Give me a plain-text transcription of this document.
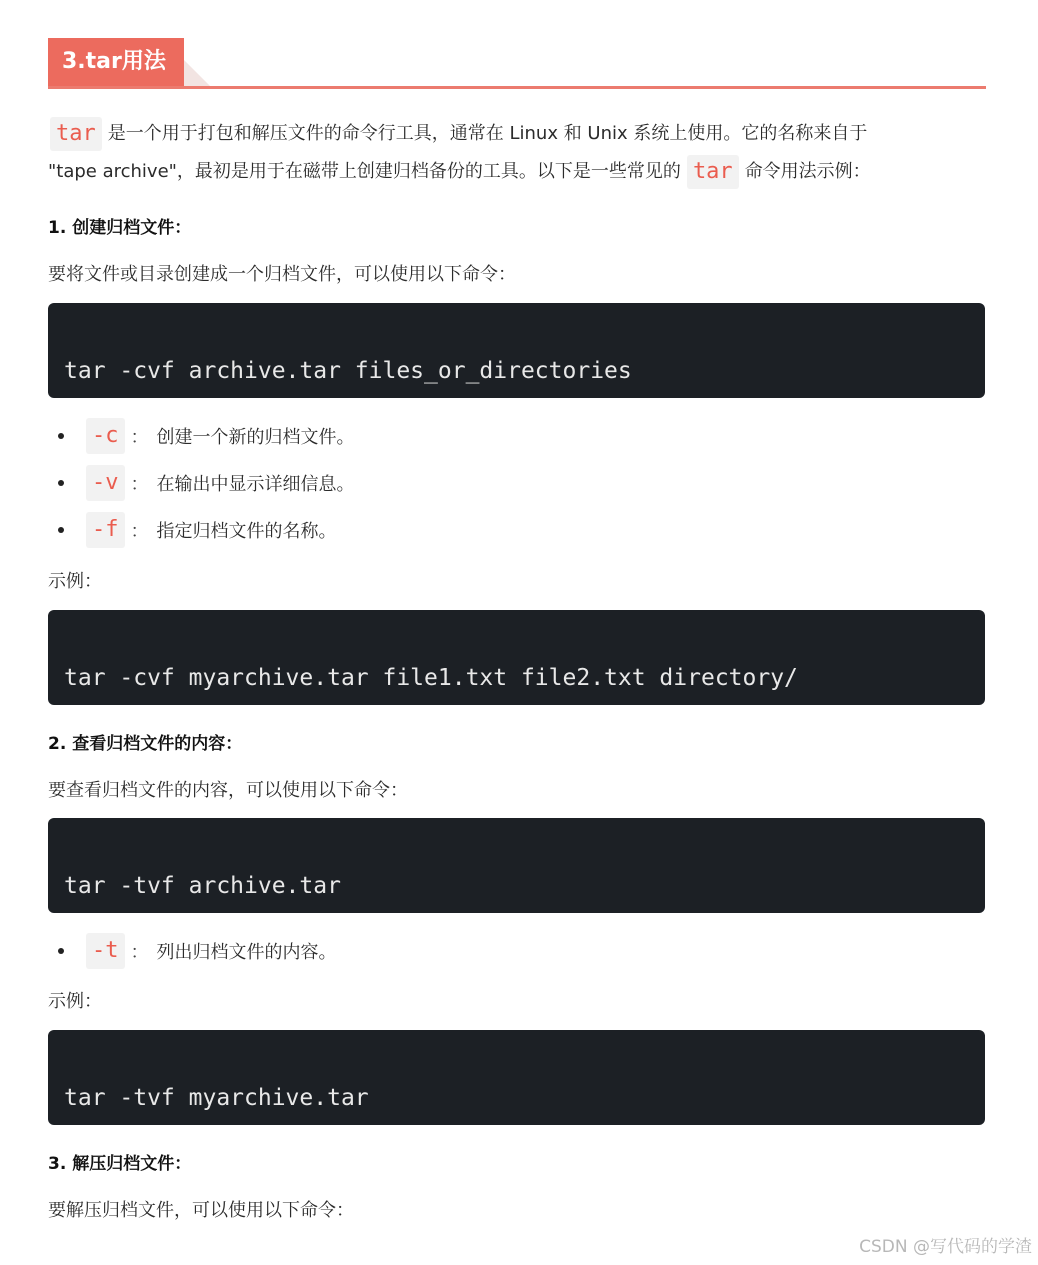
3.tar用法
tar 是一个用于打包和解压文件的命令行工具，通常在 Linux 和 Unix 系统上使用。它的名称来自于
"tape archive"，最初是用于在磁带上创建归档备份的工具。以下是一些常见的 tar 命令用法示例：
1. 创建归档文件：
要将文件或目录创建成一个归档文件，可以使用以下命令：
tar -cvf archive.tar files_or_directories
-c ： 创建一个新的归档文件。
-v ： 在输出中显示详细信息。
-f ： 指定归档文件的名称。
示例：
tar -cvf myarchive.tar file1.txt file2.txt directory/
2. 查看归档文件的内容：
要查看归档文件的内容，可以使用以下命令：
tar -tvf archive.tar
-t ： 列出归档文件的内容。
示例：
tar -tvf myarchive.tar
3. 解压归档文件：
要解压归档文件，可以使用以下命令：
CSDN @写代码的学渣
